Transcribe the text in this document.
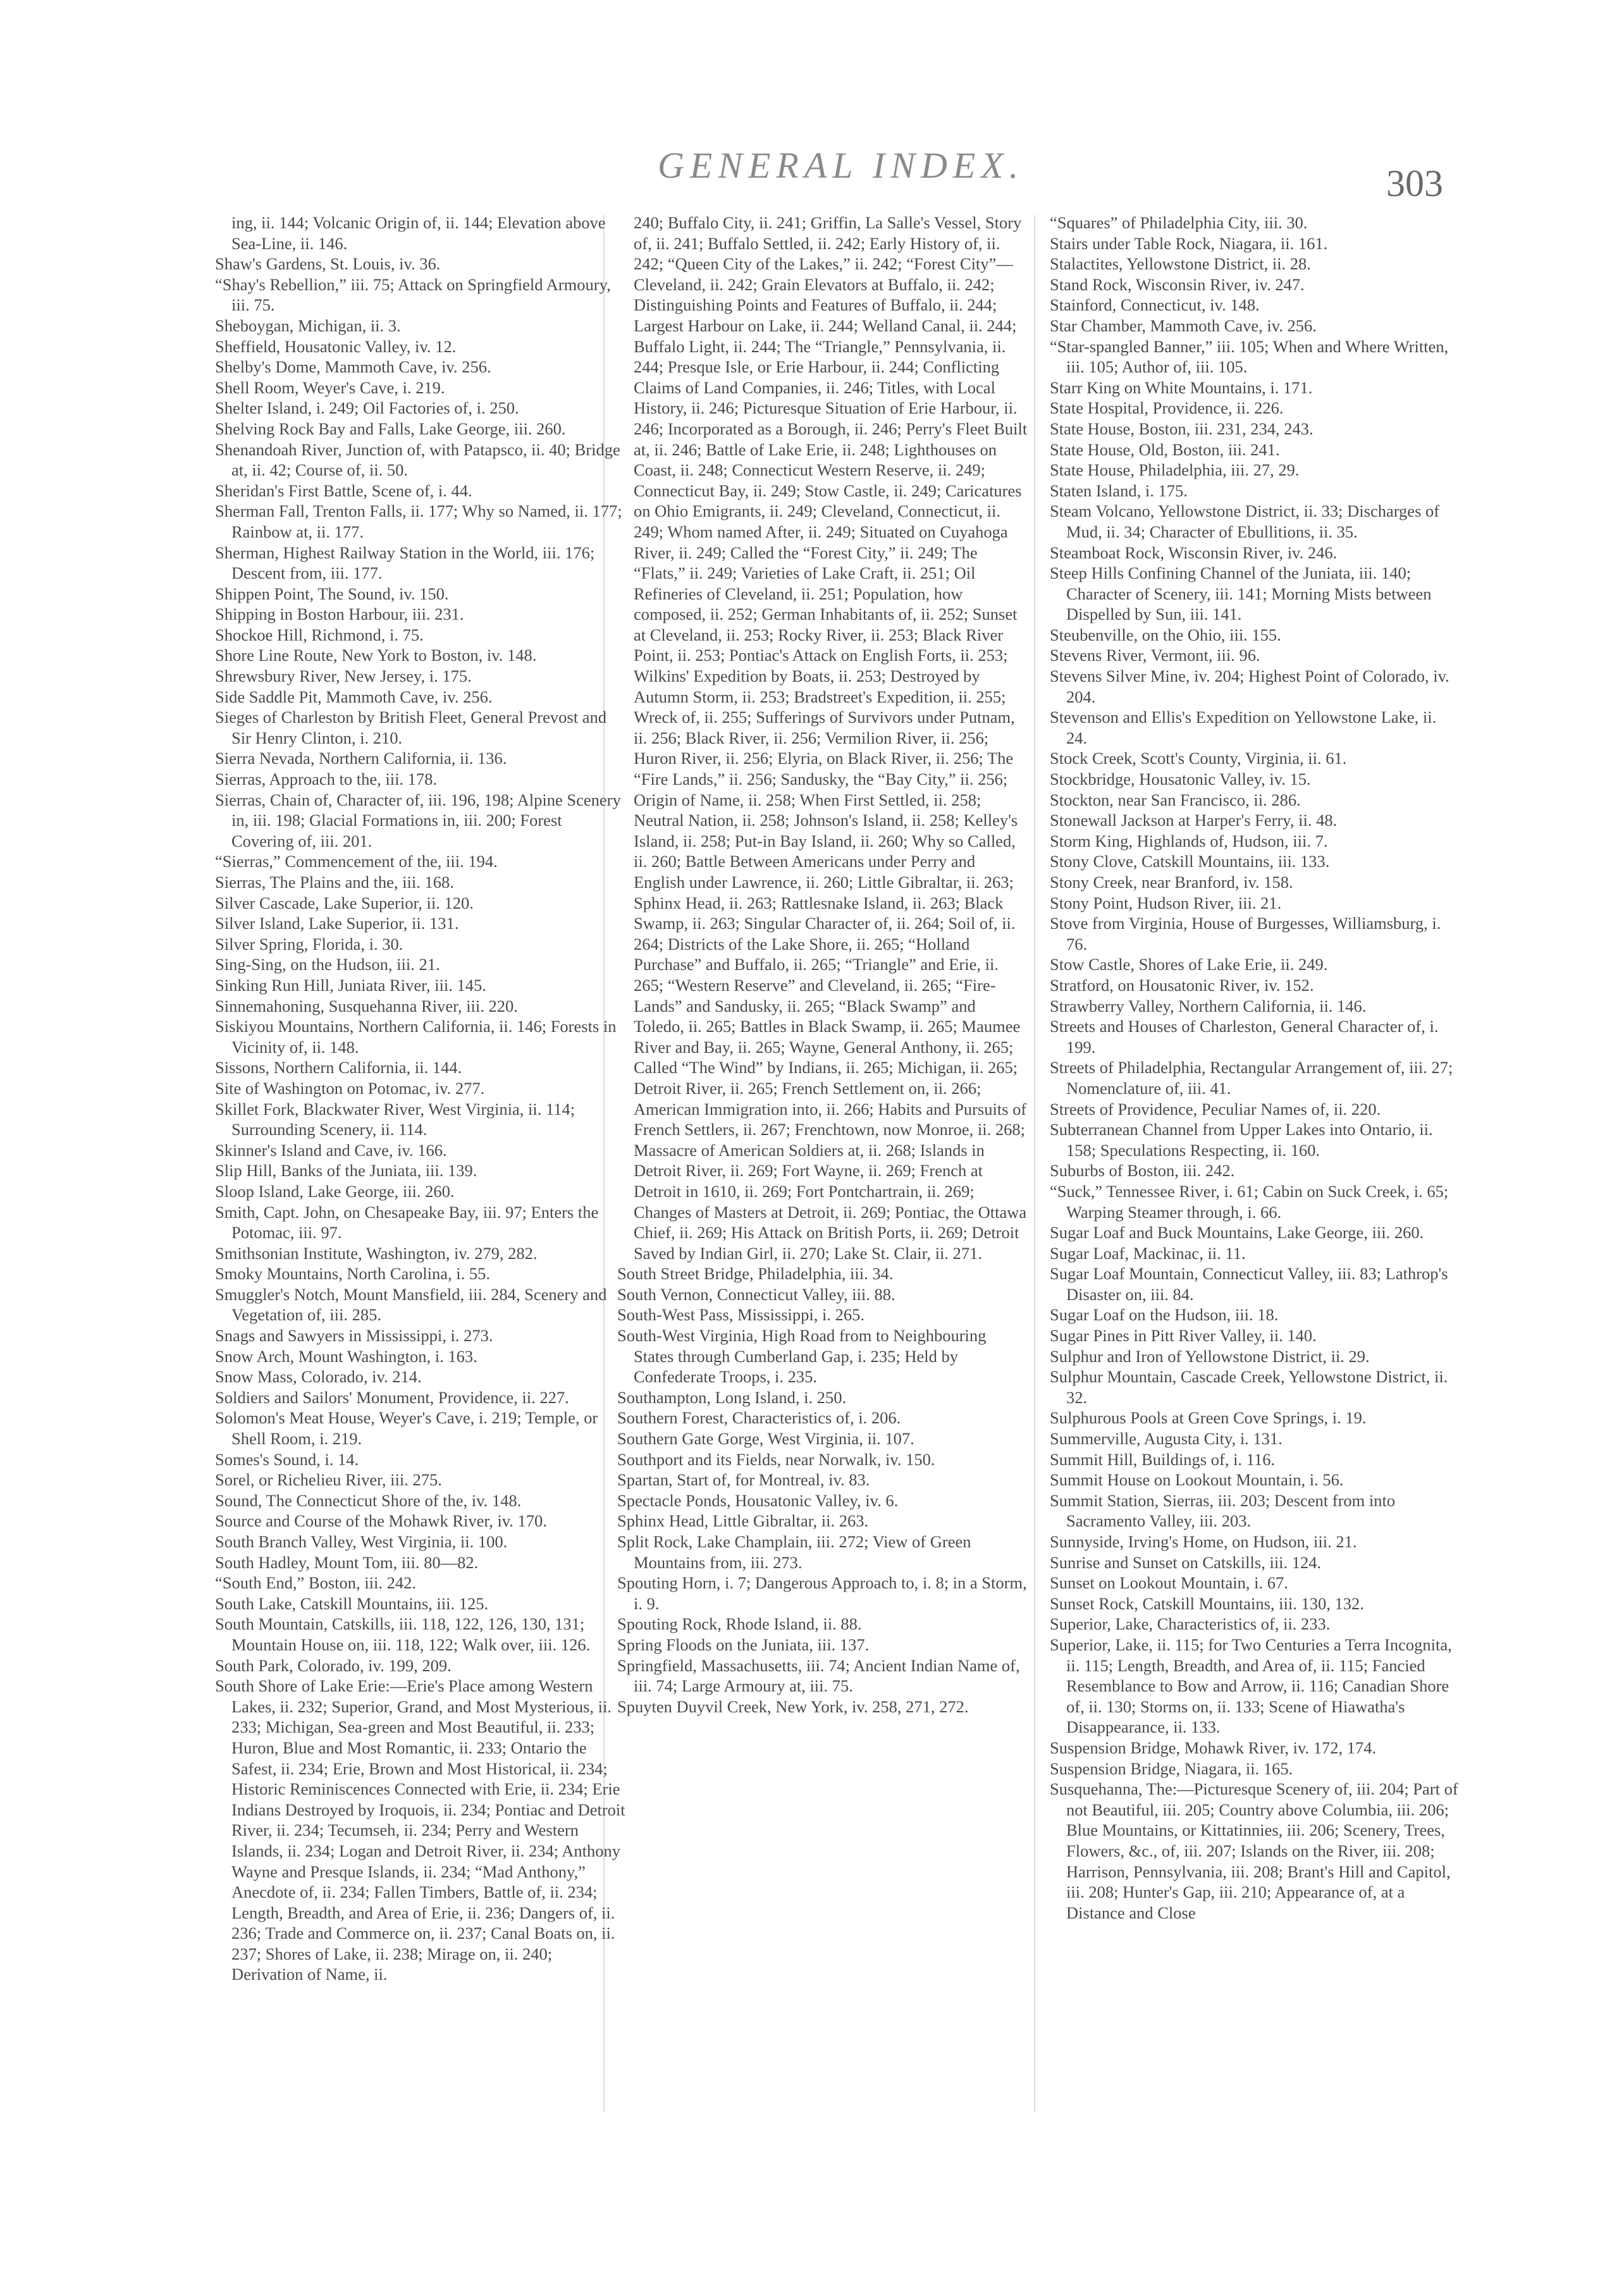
GENERAL INDEX.	303

ing, ii. 144; Volcanic Origin of, ii. 144; Elevation above Sea-Line, ii. 146.

Shaw's Gardens, St. Louis, iv. 36.

“Shay's Rebellion,” iii. 75; Attack on Springfield Armoury, iii. 75.

Sheboygan, Michigan, ii. 3.

Sheffield, Housatonic Valley, iv. 12.

Shelby's Dome, Mammoth Cave, iv. 256.

Shell Room, Weyer's Cave, i. 219.

Shelter Island, i. 249; Oil Factories of, i. 250.

Shelving Rock Bay and Falls, Lake George, iii. 260.

Shenandoah River, Junction of, with Patapsco, ii. 40; Bridge at, ii. 42; Course of, ii. 50.

Sheridan's First Battle, Scene of, i. 44.

Sherman Fall, Trenton Falls, ii. 177; Why so Named, ii. 177; Rainbow at, ii. 177.

Sherman, Highest Railway Station in the World, iii. 176; Descent from, iii. 177.

Shippen Point, The Sound, iv. 150.

Shipping in Boston Harbour, iii. 231.

Shockoe Hill, Richmond, i. 75.

Shore Line Route, New York to Boston, iv. 148.

Shrewsbury River, New Jersey, i. 175.

Side Saddle Pit, Mammoth Cave, iv. 256.

Sieges of Charleston by British Fleet, General Prevost and Sir Henry Clinton, i. 210.

Sierra Nevada, Northern California, ii. 136.

Sierras, Approach to the, iii. 178.

Sierras, Chain of, Character of, iii. 196, 198; Alpine Scenery in, iii. 198; Glacial Formations in, iii. 200; Forest Covering of, iii. 201.

“Sierras,” Commencement of the, iii. 194.

Sierras, The Plains and the, iii. 168.

Silver Cascade, Lake Superior, ii. 120.

Silver Island, Lake Superior, ii. 131.

Silver Spring, Florida, i. 30.

Sing-Sing, on the Hudson, iii. 21.

Sinking Run Hill, Juniata River, iii. 145.

Sinnemahoning, Susquehanna River, iii. 220.

Siskiyou Mountains, Northern California, ii. 146; Forests in Vicinity of, ii. 148.

Sissons, Northern California, ii. 144.

Site of Washington on Potomac, iv. 277.

Skillet Fork, Blackwater River, West Virginia, ii. 114; Surrounding Scenery, ii. 114.

Skinner's Island and Cave, iv. 166.

Slip Hill, Banks of the Juniata, iii. 139.

Sloop Island, Lake George, iii. 260.

Smith, Capt. John, on Chesapeake Bay, iii. 97; Enters the Potomac, iii. 97.

Smithsonian Institute, Washington, iv. 279, 282.

Smoky Mountains, North Carolina, i. 55.

Smuggler's Notch, Mount Mansfield, iii. 284, Scenery and Vegetation of, iii. 285.

Snags and Sawyers in Mississippi, i. 273.

Snow Arch, Mount Washington, i. 163.

Snow Mass, Colorado, iv. 214.

Soldiers and Sailors' Monument, Providence, ii. 227.

Solomon's Meat House, Weyer's Cave, i. 219; Temple, or Shell Room, i. 219.

Somes's Sound, i. 14.

Sorel, or Richelieu River, iii. 275.

Sound, The Connecticut Shore of the, iv. 148.

Source and Course of the Mohawk River, iv. 170.

South Branch Valley, West Virginia, ii. 100.

South Hadley, Mount Tom, iii. 80—82.

“South End,” Boston, iii. 242.

South Lake, Catskill Mountains, iii. 125.

South Mountain, Catskills, iii. 118, 122, 126, 130, 131; Mountain House on, iii. 118, 122; Walk over, iii. 126.

South Park, Colorado, iv. 199, 209.

South Shore of Lake Erie:—Erie's Place among Western Lakes, ii. 232; Superior, Grand, and Most Mysterious, ii. 233; Michigan, Sea-green and Most Beautiful, ii. 233; Huron, Blue and Most Romantic, ii. 233; Ontario the Safest, ii. 234; Erie, Brown and Most Historical, ii. 234; Historic Reminiscences Connected with Erie, ii. 234; Erie Indians Destroyed by Iroquois, ii. 234; Pontiac and Detroit River, ii. 234; Tecumseh, ii. 234; Perry and Western Islands, ii. 234; Logan and Detroit River, ii. 234; Anthony Wayne and Presque Islands, ii. 234; “Mad Anthony,” Anecdote of, ii. 234; Fallen Timbers, Battle of, ii. 234; Length, Breadth, and Area of Erie, ii. 236; Dangers of, ii. 236; Trade and Commerce on, ii. 237; Canal Boats on, ii. 237; Shores of Lake, ii. 238; Mirage on, ii. 240; Derivation of Name, ii.

240; Buffalo City, ii. 241; Griffin, La Salle's Vessel, Story of, ii. 241; Buffalo Settled, ii. 242; Early History of, ii. 242; “Queen City of the Lakes,” ii. 242; “Forest City”—Cleveland, ii. 242; Grain Elevators at Buffalo, ii. 242; Distinguishing Points and Features of Buffalo, ii. 244; Largest Harbour on Lake, ii. 244; Welland Canal, ii. 244; Buffalo Light, ii. 244; The “Triangle,” Pennsylvania, ii. 244; Presque Isle, or Erie Harbour, ii. 244; Conflicting Claims of Land Companies, ii. 246; Titles, with Local History, ii. 246; Picturesque Situation of Erie Harbour, ii. 246; Incorporated as a Borough, ii. 246; Perry's Fleet Built at, ii. 246; Battle of Lake Erie, ii. 248; Lighthouses on Coast, ii. 248; Connecticut Western Reserve, ii. 249; Connecticut Bay, ii. 249; Stow Castle, ii. 249; Caricatures on Ohio Emigrants, ii. 249; Cleveland, Connecticut, ii. 249; Whom named After, ii. 249; Situated on Cuyahoga River, ii. 249; Called the “Forest City,” ii. 249; The “Flats,” ii. 249; Varieties of Lake Craft, ii. 251; Oil Refineries of Cleveland, ii. 251; Population, how composed, ii. 252; German Inhabitants of, ii. 252; Sunset at Cleveland, ii. 253; Rocky River, ii. 253; Black River Point, ii. 253; Pontiac's Attack on English Forts, ii. 253; Wilkins' Expedition by Boats, ii. 253; Destroyed by Autumn Storm, ii. 253; Bradstreet's Expedition, ii. 255; Wreck of, ii. 255; Sufferings of Survivors under Putnam, ii. 256; Black River, ii. 256; Vermilion River, ii. 256; Huron River, ii. 256; Elyria, on Black River, ii. 256; The “Fire Lands,” ii. 256; Sandusky, the “Bay City,” ii. 256; Origin of Name, ii. 258; When First Settled, ii. 258; Neutral Nation, ii. 258; Johnson's Island, ii. 258; Kelley's Island, ii. 258; Put-in Bay Island, ii. 260; Why so Called, ii. 260; Battle Between Americans under Perry and English under Lawrence, ii. 260; Little Gibraltar, ii. 263; Sphinx Head, ii. 263; Rattlesnake Island, ii. 263; Black Swamp, ii. 263; Singular Character of, ii. 264; Soil of, ii. 264; Districts of the Lake Shore, ii. 265; “Holland Purchase” and Buffalo, ii. 265; “Triangle” and Erie, ii. 265; “Western Reserve” and Cleveland, ii. 265; “Fire-Lands” and Sandusky, ii. 265; “Black Swamp” and Toledo, ii. 265; Battles in Black Swamp, ii. 265; Maumee River and Bay, ii. 265; Wayne, General Anthony, ii. 265; Called “The Wind” by Indians, ii. 265; Michigan, ii. 265; Detroit River, ii. 265; French Settlement on, ii. 266; American Immigration into, ii. 266; Habits and Pursuits of French Settlers, ii. 267; Frenchtown, now Monroe, ii. 268; Massacre of American Soldiers at, ii. 268; Islands in Detroit River, ii. 269; Fort Wayne, ii. 269; French at Detroit in 1610, ii. 269; Fort Pontchartrain, ii. 269; Changes of Masters at Detroit, ii. 269; Pontiac, the Ottawa Chief, ii. 269; His Attack on British Ports, ii. 269; Detroit Saved by Indian Girl, ii. 270; Lake St. Clair, ii. 271.

South Street Bridge, Philadelphia, iii. 34.

South Vernon, Connecticut Valley, iii. 88.

South-West Pass, Mississippi, i. 265.

South-West Virginia, High Road from to Neighbouring States through Cumberland Gap, i. 235; Held by Confederate Troops, i. 235.

Southampton, Long Island, i. 250.

Southern Forest, Characteristics of, i. 206.

Southern Gate Gorge, West Virginia, ii. 107.

Southport and its Fields, near Norwalk, iv. 150.

Spartan, Start of, for Montreal, iv. 83.

Spectacle Ponds, Housatonic Valley, iv. 6.

Sphinx Head, Little Gibraltar, ii. 263.

Split Rock, Lake Champlain, iii. 272; View of Green Mountains from, iii. 273.

Spouting Horn, i. 7; Dangerous Approach to, i. 8; in a Storm, i. 9.

Spouting Rock, Rhode Island, ii. 88.

Spring Floods on the Juniata, iii. 137.

Springfield, Massachusetts, iii. 74; Ancient Indian Name of, iii. 74; Large Armoury at, iii. 75.

Spuyten Duyvil Creek, New York, iv. 258, 271, 272.

“Squares” of Philadelphia City, iii. 30.

Stairs under Table Rock, Niagara, ii. 161.

Stalactites, Yellowstone District, ii. 28.

Stand Rock, Wisconsin River, iv. 247.

Stainford, Connecticut, iv. 148.

Star Chamber, Mammoth Cave, iv. 256.

“Star-spangled Banner,” iii. 105; When and Where Written, iii. 105; Author of, iii. 105.

Starr King on White Mountains, i. 171.

State Hospital, Providence, ii. 226.

State House, Boston, iii. 231, 234, 243.

State House, Old, Boston, iii. 241.

State House, Philadelphia, iii. 27, 29.

Staten Island, i. 175.

Steam Volcano, Yellowstone District, ii. 33; Discharges of Mud, ii. 34; Character of Ebullitions, ii. 35.

Steamboat Rock, Wisconsin River, iv. 246.

Steep Hills Confining Channel of the Juniata, iii. 140; Character of Scenery, iii. 141; Morning Mists between Dispelled by Sun, iii. 141.

Steubenville, on the Ohio, iii. 155.

Stevens River, Vermont, iii. 96.

Stevens Silver Mine, iv. 204; Highest Point of Colorado, iv. 204.

Stevenson and Ellis's Expedition on Yellowstone Lake, ii. 24.

Stock Creek, Scott's County, Virginia, ii. 61.

Stockbridge, Housatonic Valley, iv. 15.

Stockton, near San Francisco, ii. 286.

Stonewall Jackson at Harper's Ferry, ii. 48.

Storm King, Highlands of, Hudson, iii. 7.

Stony Clove, Catskill Mountains, iii. 133.

Stony Creek, near Branford, iv. 158.

Stony Point, Hudson River, iii. 21.

Stove from Virginia, House of Burgesses, Williamsburg, i. 76.

Stow Castle, Shores of Lake Erie, ii. 249.

Stratford, on Housatonic River, iv. 152.

Strawberry Valley, Northern California, ii. 146.

Streets and Houses of Charleston, General Character of, i. 199.

Streets of Philadelphia, Rectangular Arrangement of, iii. 27; Nomenclature of, iii. 41.

Streets of Providence, Peculiar Names of, ii. 220.

Subterranean Channel from Upper Lakes into Ontario, ii. 158; Speculations Respecting, ii. 160.

Suburbs of Boston, iii. 242.

“Suck,” Tennessee River, i. 61; Cabin on Suck Creek, i. 65; Warping Steamer through, i. 66.

Sugar Loaf and Buck Mountains, Lake George, iii. 260.

Sugar Loaf, Mackinac, ii. 11.

Sugar Loaf Mountain, Connecticut Valley, iii. 83; Lathrop's Disaster on, iii. 84.

Sugar Loaf on the Hudson, iii. 18.

Sugar Pines in Pitt River Valley, ii. 140.

Sulphur and Iron of Yellowstone District, ii. 29.

Sulphur Mountain, Cascade Creek, Yellowstone District, ii. 32.

Sulphurous Pools at Green Cove Springs, i. 19.

Summerville, Augusta City, i. 131.

Summit Hill, Buildings of, i. 116.

Summit House on Lookout Mountain, i. 56.

Summit Station, Sierras, iii. 203; Descent from into Sacramento Valley, iii. 203.

Sunnyside, Irving's Home, on Hudson, iii. 21.

Sunrise and Sunset on Catskills, iii. 124.

Sunset on Lookout Mountain, i. 67.

Sunset Rock, Catskill Mountains, iii. 130, 132.

Superior, Lake, Characteristics of, ii. 233.

Superior, Lake, ii. 115; for Two Centuries a Terra Incognita, ii. 115; Length, Breadth, and Area of, ii. 115; Fancied Resemblance to Bow and Arrow, ii. 116; Canadian Shore of, ii. 130; Storms on, ii. 133; Scene of Hiawatha's Disappearance, ii. 133.

Suspension Bridge, Mohawk River, iv. 172, 174.

Suspension Bridge, Niagara, ii. 165.

Susquehanna, The:—Picturesque Scenery of, iii. 204; Part of not Beautiful, iii. 205; Country above Columbia, iii. 206; Blue Mountains, or Kittatinnies, iii. 206; Scenery, Trees, Flowers, &c., of, iii. 207; Islands on the River, iii. 208; Harrison, Pennsylvania, iii. 208; Brant's Hill and Capitol, iii. 208; Hunter's Gap, iii. 210; Appearance of, at a Distance and Close
